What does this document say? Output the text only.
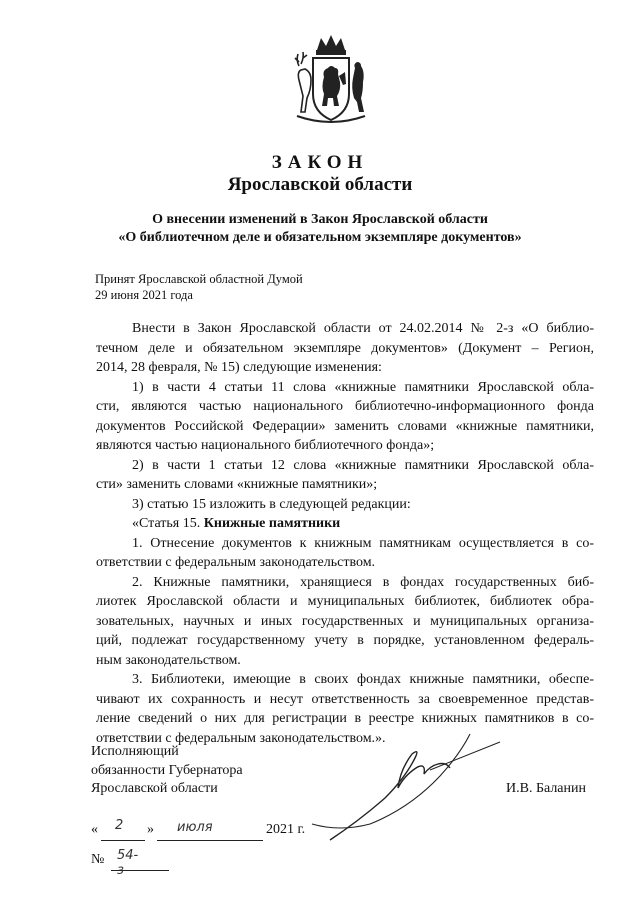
ЗАКОН
Ярославской области
О внесении изменений в Закон Ярославской области
«О библиотечном деле и обязательном экземпляре документов»
Принят Ярославской областной Думой
29 июня 2021 года
Внести в Закон Ярославской области от 24.02.2014 № 2-з «О библио-
течном деле и обязательном экземпляре документов» (Документ – Регион,
2014, 28 февраля, № 15) следующие изменения:
1) в части 4 статьи 11 слова «книжные памятники Ярославской обла-
сти, являются частью национального библиотечно-информационного фонда
документов Российской Федерации» заменить словами «книжные памятники,
являются частью национального библиотечного фонда»;
2) в части 1 статьи 12 слова «книжные памятники Ярославской обла-
сти» заменить словами «книжные памятники»;
3) статью 15 изложить в следующей редакции:
«Статья 15. Книжные памятники
1. Отнесение документов к книжным памятникам осуществляется в со-
ответствии с федеральным законодательством.
2. Книжные памятники, хранящиеся в фондах государственных биб-
лиотек Ярославской области и муниципальных библиотек, библиотек обра-
зовательных, научных и иных государственных и муниципальных организа-
ций, подлежат государственному учету в порядке, установленном федераль-
ным законодательством.
3. Библиотеки, имеющие в своих фондах книжные памятники, обеспе-
чивают их сохранность и несут ответственность за своевременное представ-
ление сведений о них для регистрации в реестре книжных памятников в со-
ответствии с федеральным законодательством.».
Исполняющий
обязанности Губернатора
Ярославской области	И.В. Баланин
« 2 » июля	2021 г.
№ 54-з
